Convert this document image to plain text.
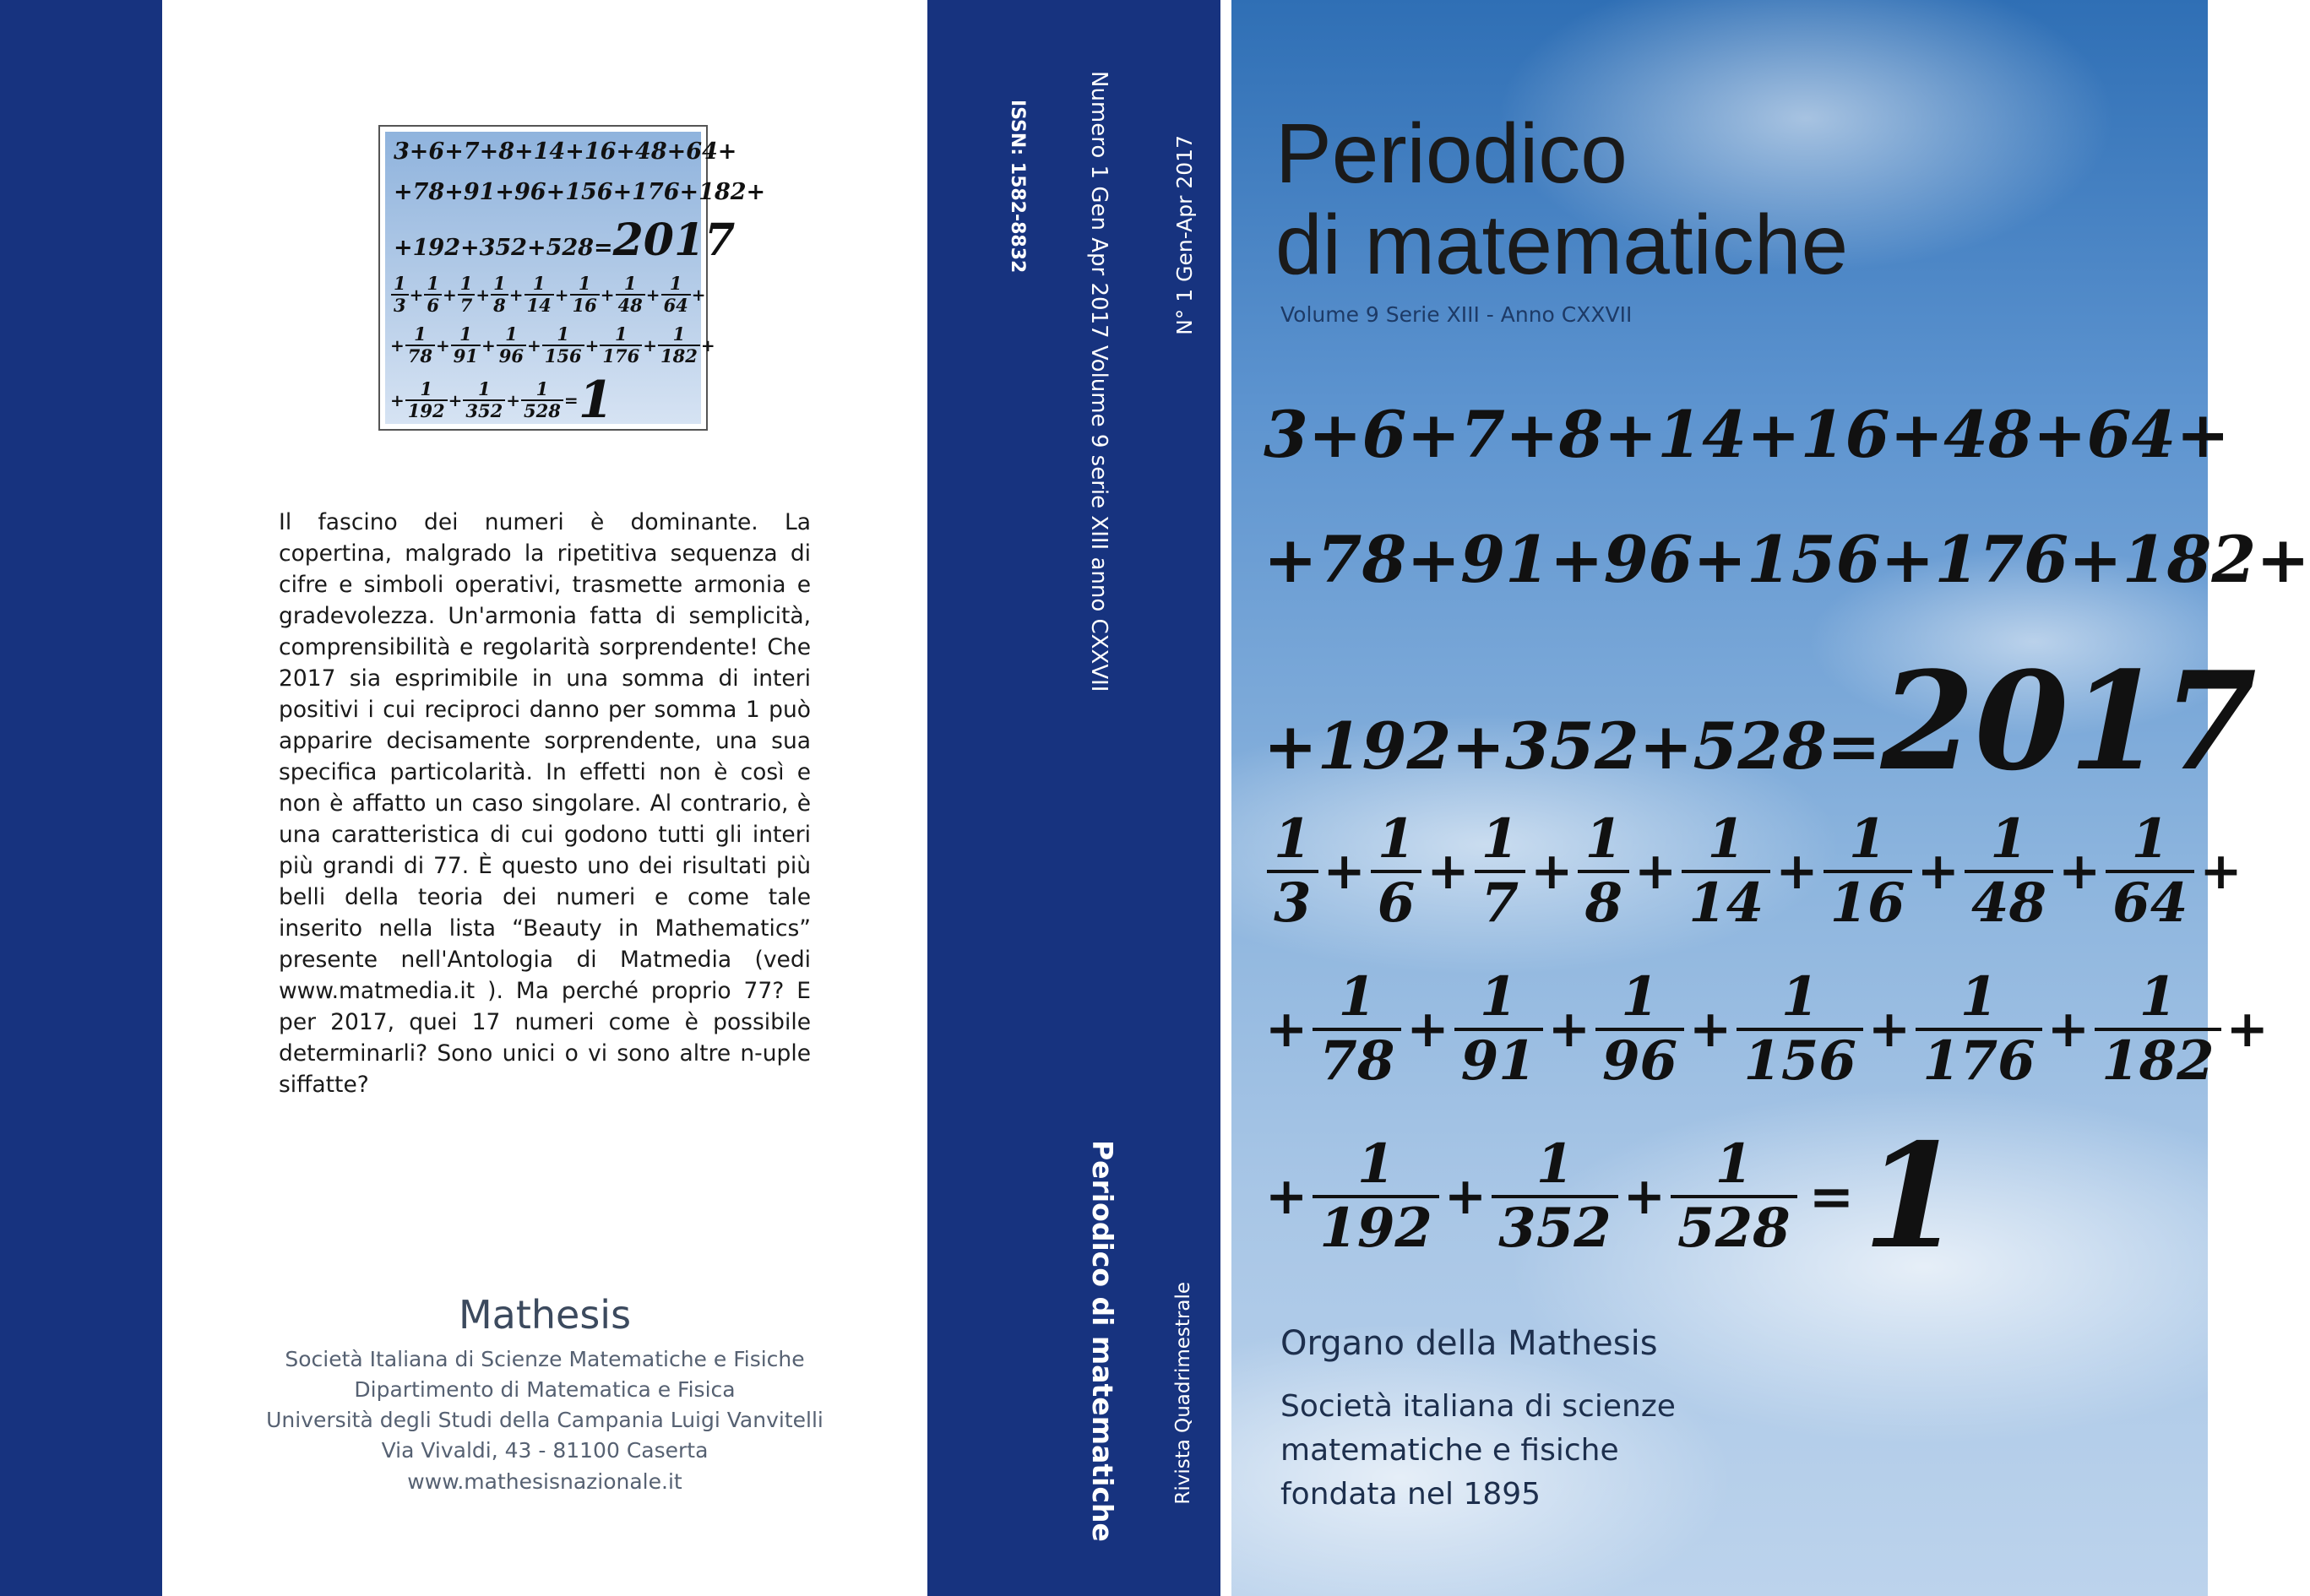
3+6+7+8+14+16+48+64+
+78+91+96+156+176+182+
+192+352+528=2017
$\frac{1}{3} + \frac{1}{6} + \frac{1}{7} + \frac{1}{8} + \frac{1}{14} + \frac{1}{16} + \frac{1}{48} + \frac{1}{64}$ +
+ $\frac{1}{78} + \frac{1}{91} + \frac{1}{96} + \frac{1}{156} + \frac{1}{176} + \frac{1}{182}$ +
+ $\frac{1}{192} + \frac{1}{352} + \frac{1}{528} = 1$
Il fascino dei numeri è dominante. La copertina, malgrado la ripetitiva sequenza di cifre e simboli operativi, trasmette armonia e gradevolezza. Un'armonia fatta di semplicità, comprensibilità e regolarità sorprendente! Che 2017 sia esprimibile in una somma di interi positivi i cui reciproci danno per somma 1 può apparire decisamente sorprendente, una sua specifica particolarità. In effetti non è così e non è affatto un caso singolare. Al contrario, è una caratteristica di cui godono tutti gli interi più grandi di 77. È questo uno dei risultati più belli della teoria dei numeri e come tale inserito nella lista “Beauty in Mathematics” presente nell'Antologia di Matmedia (vedi www.matmedia.it ). Ma perché proprio 77? E per 2017, quei 17 numeri come è possibile determinarli? Sono unici o vi sono altre n-uple siffatte?
Mathesis
Società Italiana di Scienze Matematiche e Fisiche
Dipartimento di Matematica e Fisica
Università degli Studi della Campania Luigi Vanvitelli
Via Vivaldi, 43 - 81100 Caserta
www.mathesisnazionale.it
ISSN: 1582-8832	Numero 1 Gen Apr 2017 Volume 9 serie XIII anno CXXVII	N° 1 Gen-Apr 2017
Periodico di matematiche	Rivista Quadrimestrale
Periodico
di matematiche
Volume 9 Serie XIII - Anno CXXVII
3+6+7+8+14+16+48+64+
+78+91+96+156+176+182+
+192+352+528=2017
$\frac{1}{3} + \frac{1}{6} + \frac{1}{7} + \frac{1}{8} + \frac{1}{14} + \frac{1}{16} + \frac{1}{48} + \frac{1}{64}$ +
+ $\frac{1}{78} + \frac{1}{91} + \frac{1}{96} + \frac{1}{156} + \frac{1}{176} + \frac{1}{182}$ +
+ $\frac{1}{192} + \frac{1}{352} + \frac{1}{528} = 1$
Organo della Mathesis
Società italiana di scienze
matematiche e fisiche
fondata nel 1895
